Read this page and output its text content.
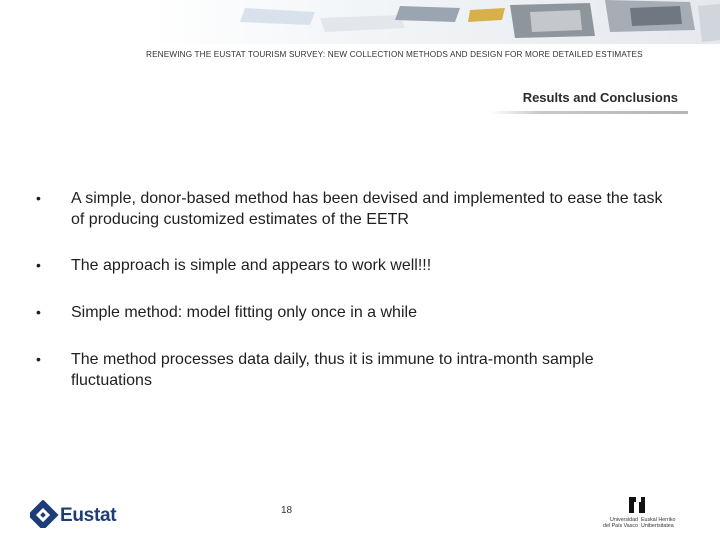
RENEWING THE EUSTAT TOURISM SURVEY: NEW COLLECTION METHODS AND DESIGN FOR MORE DETAILED ESTIMATES
Results and Conclusions
• A simple, donor-based method has been devised and implemented to ease the task of producing customized estimates of the EETR
• The approach is simple and appears to work well!!!
• Simple method: model fitting only once in a while
• The method processes data daily, thus it is immune to intra-month sample fluctuations
Eustat	18
Universidad
del País Vasco
Euskal Herriko
Unibertsitatea
